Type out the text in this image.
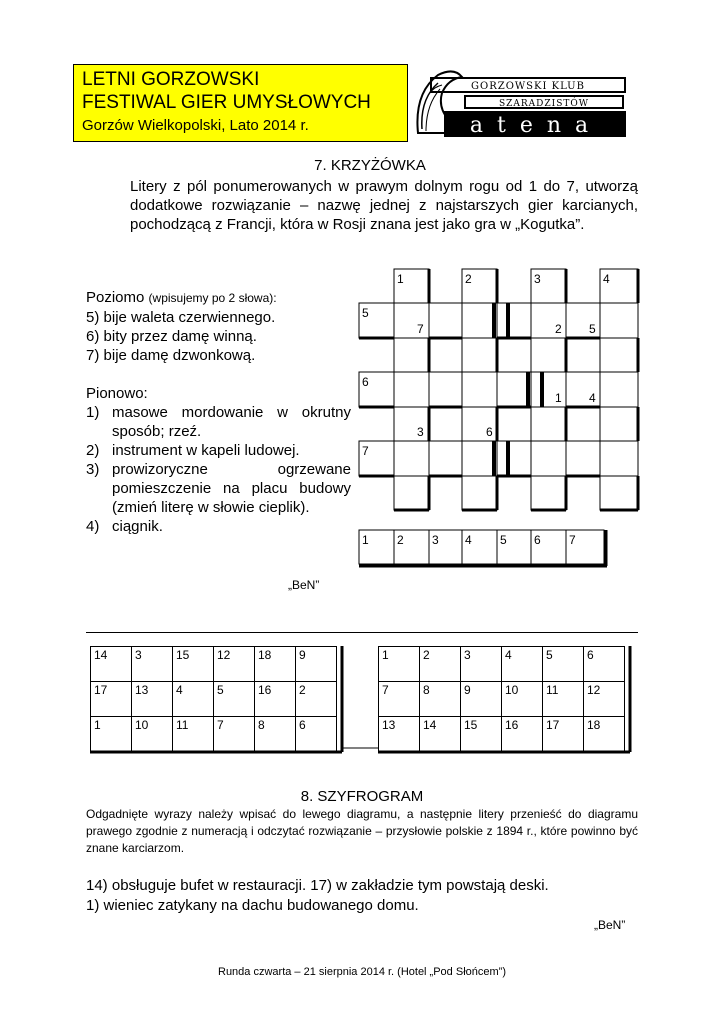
LETNI GORZOWSKI
FESTIWAL GIER UMYSŁOWYCH
Gorzów Wielkopolski, Lato 2014 r.
GORZOWSKI KLUB
SZARADZISTÓW
atena
7. KRZYŻÓWKA
Litery z pól ponumerowanych w prawym dolnym rogu od 1 do 7, utworzą dodatkowe rozwiązanie – nazwę jednej z najstarszych gier karcianych, pochodzącą z Francji, która w Rosji znana jest jako gra w „Kogutka”.
Poziomo (wpisujemy po 2 słowa):
5) bije waleta czerwiennego.
6) bity przez damę winną.
7) bije damę dzwonkową.
Pionowo:
1) masowe mordowanie w okrutny sposób; rzeź.
2) instrument w kapeli ludowej.
3) prowizoryczne ogrzewane pomieszczenie na placu budowy (zmień literę w słowie cieplik).
4) ciągnik.
1	2	3	4
5
6
7
7	2 5
1 4
3	6
1 2 3 4 5 6 7
„BeN”
14	3	15	12	18	9
17	13	4	5	16	2
1	10	11	7	8	6
1	2	3	4	5	6
7	8	9	10	11	12
13	14	15	16	17	18
8. SZYFROGRAM
Odgadnięte wyrazy należy wpisać do lewego diagramu, a następnie litery przenieść do diagramu prawego zgodnie z numeracją i odczytać rozwiązanie – przysłowie polskie z 1894 r., które powinno być znane karciarzom.
14) obsługuje bufet w restauracji. 17) w zakładzie tym powstają deski.
1) wieniec zatykany na dachu budowanego domu.
„BeN”
Runda czwarta – 21 sierpnia 2014 r. (Hotel „Pod Słońcem”)
